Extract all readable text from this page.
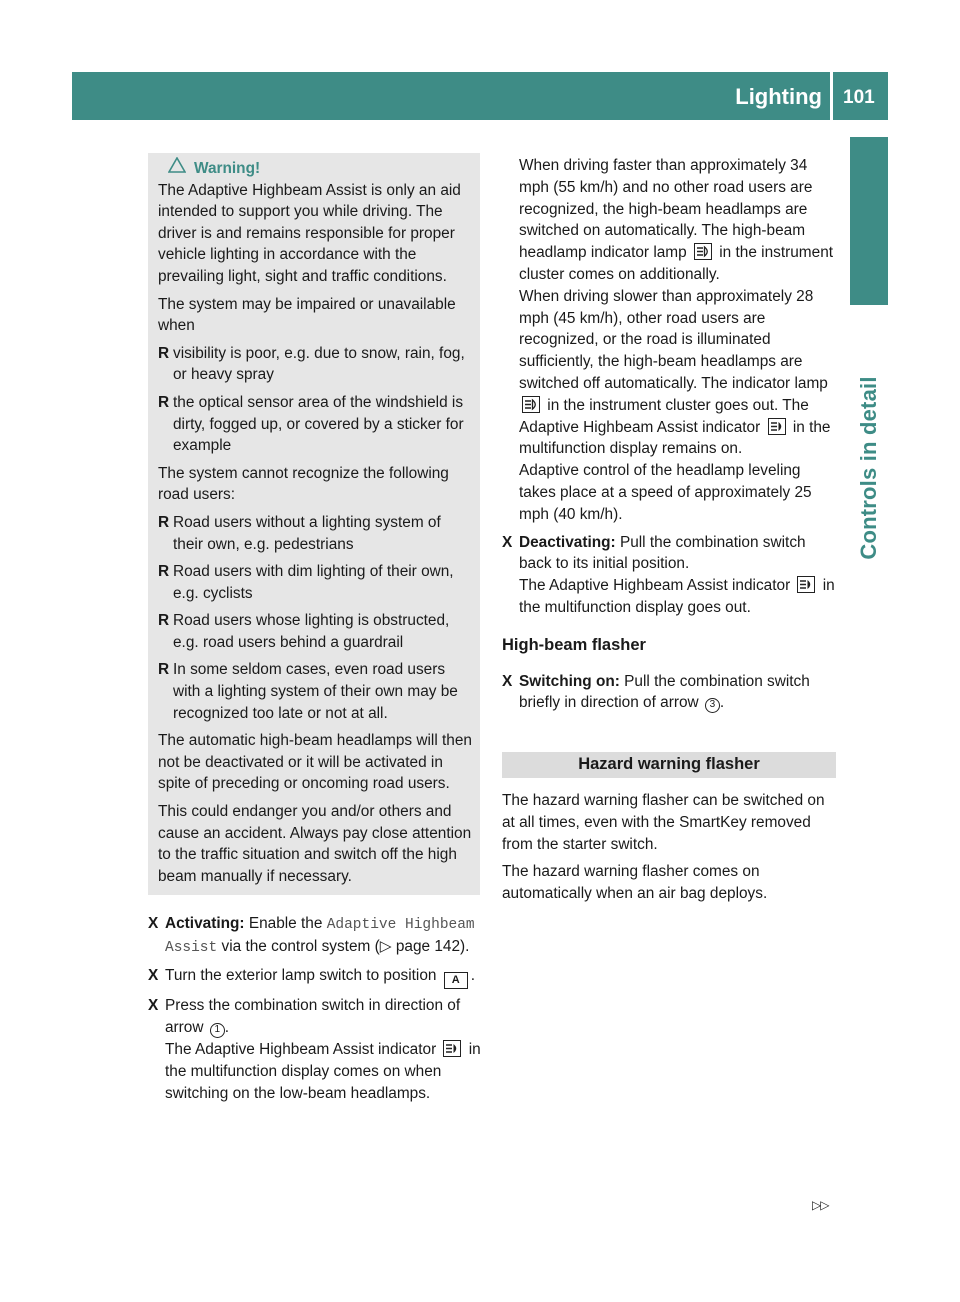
Lighting 101
Controls in detail
Warning!

The Adaptive Highbeam Assist is only an aid intended to support you while driving. The driver is and remains responsible for proper vehicle lighting in accordance with the prevailing light, sight and traffic conditions.

The system may be impaired or unavailable when

R visibility is poor, e.g. due to snow, rain, fog, or heavy spray
R the optical sensor area of the windshield is dirty, fogged up, or covered by a sticker for example

The system cannot recognize the following road users:

R Road users without a lighting system of their own, e.g. pedestrians
R Road users with dim lighting of their own, e.g. cyclists
R Road users whose lighting is obstructed, e.g. road users behind a guardrail
R In some seldom cases, even road users with a lighting system of their own may be recognized too late or not at all.

The automatic high-beam headlamps will then not be deactivated or it will be activated in spite of preceding or oncoming road users.

This could endanger you and/or others and cause an accident. Always pay close attention to the traffic situation and switch off the high beam manually if necessary.

X Activating: Enable the Adaptive Highbeam Assist via the control system (▷ page 142).
X Turn the exterior lamp switch to position A .
X Press the combination switch in direction of arrow 1 .
The Adaptive Highbeam Assist indicator in the multifunction display comes on when switching on the low-beam headlamps.
When driving faster than approximately 34 mph (55 km/h) and no other road users are recognized, the high-beam headlamps are switched on automatically. The high-beam headlamp indicator lamp in the instrument cluster comes on additionally.
When driving slower than approximately 28 mph (45 km/h), other road users are recognized, or the road is illuminated sufficiently, the high-beam headlamps are switched off automatically. The indicator lamp
in the instrument cluster goes out. The Adaptive Highbeam Assist indicator in the multifunction display remains on.
Adaptive control of the headlamp leveling takes place at a speed of approximately 25 mph (40 km/h).
X Deactivating: Pull the combination switch back to its initial position.
The Adaptive Highbeam Assist indicator in the multifunction display goes out.
High-beam flasher
X Switching on: Pull the combination switch briefly in direction of arrow 3 .
Hazard warning flasher

The hazard warning flasher can be switched on at all times, even with the SmartKey removed from the starter switch.

The hazard warning flasher comes on automatically when an air bag deploys.

▷▷
